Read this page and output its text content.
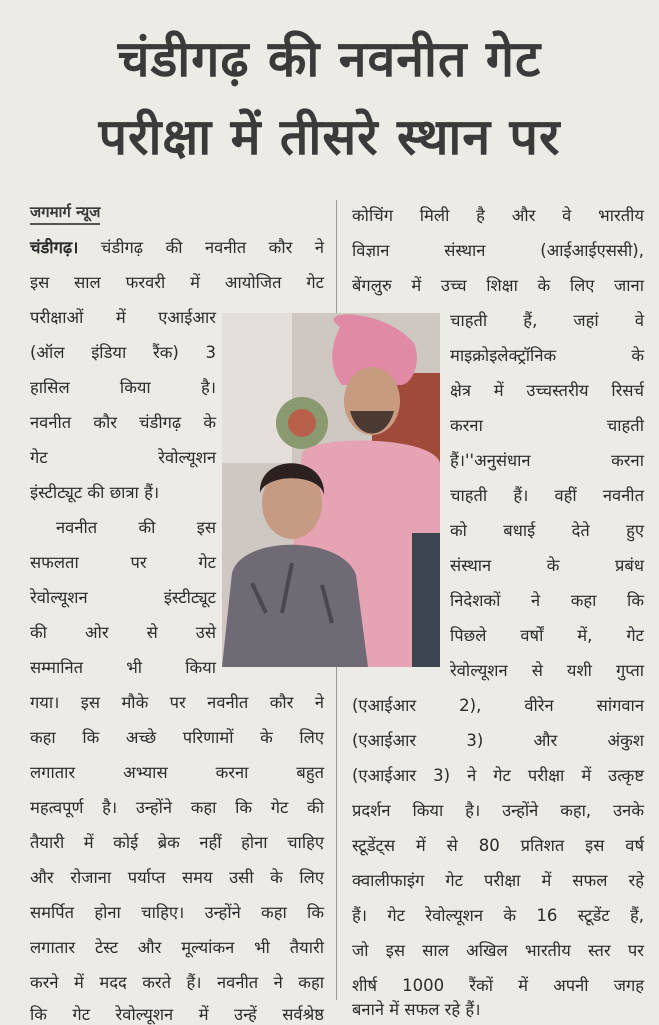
चंडीगढ़ की नवनीत गेट
परीक्षा में तीसरे स्थान पर
जगमार्ग न्यूज
चंडीगढ़। चंडीगढ़ की नवनीत कौर ने
इस साल फरवरी में आयोजित गेट
परीक्षाओं में एआईआर
(ऑल इंडिया रैंक) 3
हासिल किया है।
नवनीत कौर चंडीगढ़ के
गेट रेवोल्यूशन
इंस्टीट्यूट की छात्रा हैं।
नवनीत की इस
सफलता पर गेट
रेवोल्यूशन इंस्टीट्यूट
की ओर से उसे
सम्मानित भी किया
गया। इस मौके पर नवनीत कौर ने
कहा कि अच्छे परिणामों के लिए
लगातार अभ्यास करना बहुत
महत्वपूर्ण है। उन्होंने कहा कि गेट की
तैयारी में कोई ब्रेक नहीं होना चाहिए
और रोजाना पर्याप्त समय उसी के लिए
समर्पित होना चाहिए। उन्होंने कहा कि
लगातार टेस्ट और मूल्यांकन भी तैयारी
करने में मदद करते हैं। नवनीत ने कहा
कि गेट रेवोल्यूशन में उन्हें सर्वश्रेष्ठ
कोचिंग मिली है और वे भारतीय
विज्ञान संस्थान (आईआईएससी),
बेंगलुरु में उच्च शिक्षा के लिए जाना
चाहती हैं, जहां वे
माइक्रोइलेक्ट्रॉनिक के
क्षेत्र में उच्चस्तरीय रिसर्च
करना चाहती
हैं।''अनुसंधान करना
चाहती हैं। वहीं नवनीत
को बधाई देते हुए
संस्थान के प्रबंध
निदेशकों ने कहा कि
पिछले वर्षों में, गेट
रेवोल्यूशन से यशी गुप्ता
(एआईआर 2), वीरेन सांगवान
(एआईआर 3) और अंकुश
(एआईआर 3) ने गेट परीक्षा में उत्कृष्ट
प्रदर्शन किया है। उन्होंने कहा, उनके
स्टूडेंट्स में से 80 प्रतिशत इस वर्ष
क्वालीफाइंग गेट परीक्षा में सफल रहे
हैं। गेट रेवोल्यूशन के 16 स्टूडेंट हैं,
जो इस साल अखिल भारतीय स्तर पर
शीर्ष 1000 रैंकों में अपनी जगह
बनाने में सफल रहे हैं।
